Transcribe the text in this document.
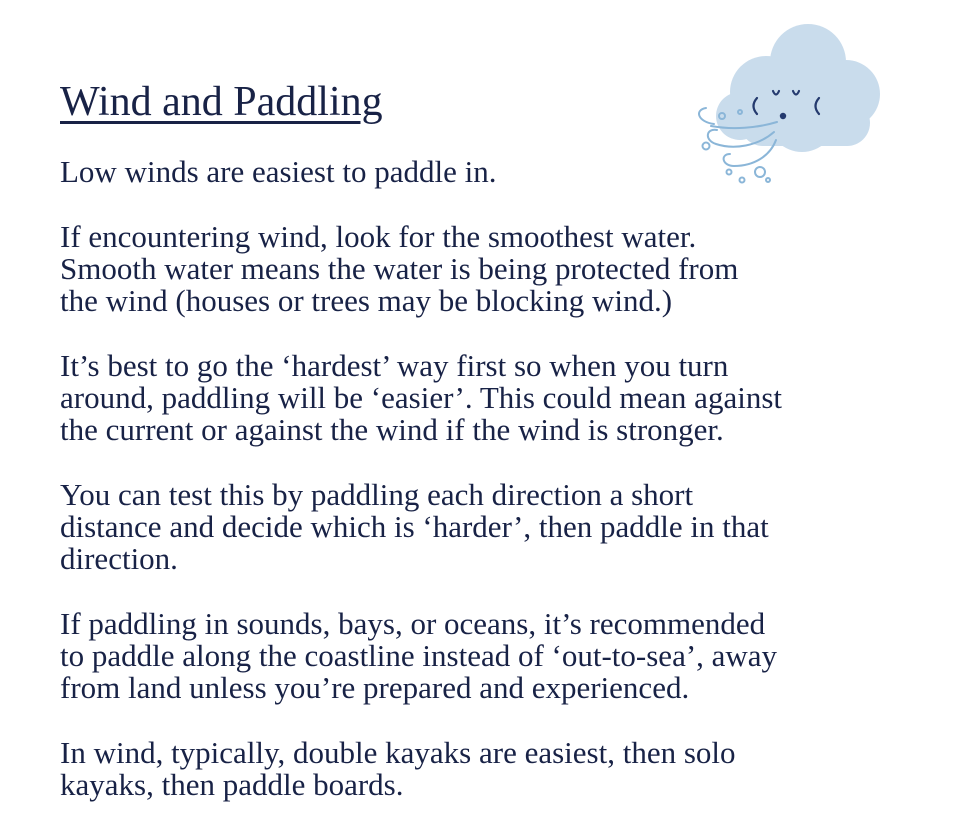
Wind and Paddling

Low winds are easiest to paddle in.

If encountering wind, look for the smoothest water.
Smooth water means the water is being protected from
the wind (houses or trees may be blocking wind.)

It’s best to go the ‘hardest’ way first so when you turn
around, paddling will be ‘easier’. This could mean against
the current or against the wind if the wind is stronger.

You can test this by paddling each direction a short
distance and decide which is ‘harder’, then paddle in that
direction.

If paddling in sounds, bays, or oceans, it’s recommended
to paddle along the coastline instead of ‘out-to-sea’, away
from land unless you’re prepared and experienced.

In wind, typically, double kayaks are easiest, then solo
kayaks, then paddle boards.
